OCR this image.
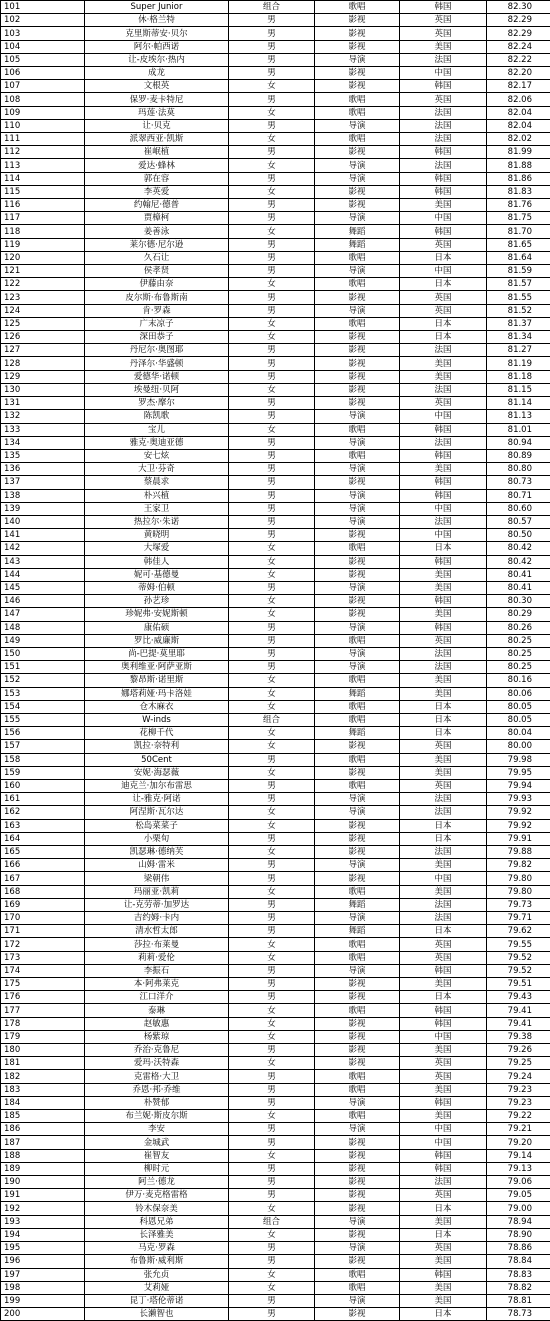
101	Super Junior	组合	歌唱	韩国	82.30
102	休·格兰特	男	影视	英国	82.29
103	克里斯蒂安·贝尔	男	影视	英国	82.29
104	阿尔·帕西诺	男	影视	美国	82.24
105	让-皮埃尔·热内	男	导演	法国	82.22
106	成龙	男	影视	中国	82.20
107	文根英	女	影视	韩国	82.17
108	保罗·麦卡特尼	男	歌唱	英国	82.06
109	玛莲·法莫	女	歌唱	法国	82.04
110	让·贝克	男	导演	法国	82.04
111	派翠西亚·凯斯	女	歌唱	法国	82.02
112	崔岷植	男	影视	韩国	81.99
113	爱达·蜂林	女	导演	法国	81.88
114	郭在容	男	导演	韩国	81.86
115	李英爱	女	影视	韩国	81.83
116	约翰尼·德普	男	影视	美国	81.76
117	贾樟柯	男	导演	中国	81.75
118	姜善泳	女	舞蹈	韩国	81.70
119	莱尔德·尼尔逊	男	舞蹈	英国	81.65
120	久石让	男	歌唱	日本	81.64
121	侯孝贤	男	导演	中国	81.59
122	伊藤由奈	女	歌唱	日本	81.57
123	皮尔斯·布鲁斯南	男	影视	英国	81.55
124	肯·罗森	男	导演	英国	81.52
125	广末凉子	女	歌唱	日本	81.37
126	深田恭子	女	影视	日本	81.34
127	丹尼尔·奥图耶	男	影视	法国	81.27
128	丹泽尔·华盛顿	男	影视	美国	81.19
129	爱德华·诺顿	男	影视	美国	81.18
130	埃曼纽·贝阿	女	影视	法国	81.15
131	罗杰·摩尔	男	影视	英国	81.14
132	陈凯歌	男	导演	中国	81.13
133	宝儿	女	歌唱	韩国	81.01
134	雅克·奥迪亚德	男	导演	法国	80.94
135	安七炫	男	歌唱	韩国	80.89
136	大卫·芬奇	男	导演	美国	80.80
137	蔡晨求	男	影视	韩国	80.73
138	朴兴植	男	导演	韩国	80.71
139	王家卫	男	导演	中国	80.60
140	热拉尔·朱诺	男	导演	法国	80.57
141	黄晓明	男	影视	中国	80.50
142	大塚爱	女	歌唱	日本	80.42
143	韩佳人	女	影视	韩国	80.42
144	妮可·基德曼	女	影视	美国	80.41
145	蒂姆·伯顿	男	导演	美国	80.41
146	孙艺珍	女	影视	韩国	80.30
147	珍妮弗·安妮斯顿	女	影视	美国	80.29
148	康佑硕	男	导演	韩国	80.26
149	罗比·威廉斯	男	歌唱	英国	80.25
150	尚-巴提·莫里耶	男	导演	法国	80.25
151	奥利维亚·阿萨亚斯	男	导演	法国	80.25
152	黎昂斯·诺里斯	女	歌唱	美国	80.16
153	娜塔莉娅·玛卡洛娃	女	舞蹈	美国	80.06
154	仓木麻衣	女	歌唱	日本	80.05
155	W-inds	组合	歌唱	日本	80.05
156	花柳千代	女	舞蹈	日本	80.04
157	凯拉·奈特利	女	影视	英国	80.00
158	50Cent	男	歌唱	美国	79.98
159	安妮·海瑟薇	女	影视	美国	79.95
160	迪克兰·加尔布雷思	男	歌唱	英国	79.94
161	让-雅克·阿诺	男	导演	法国	79.93
162	阿涅斯·瓦尔达	女	导演	法国	79.92
163	松岛菜菜子	女	影视	日本	79.92
164	小栗旬	男	影视	日本	79.91
165	凯瑟琳·德纳芙	女	影视	法国	79.88
166	山姆·雷米	男	导演	美国	79.82
167	梁朝伟	男	影视	中国	79.80
168	玛丽亚·凯莉	女	歌唱	美国	79.80
169	让-克劳蒂·加罗达	男	舞蹈	法国	79.73
170	吉约姆·卡内	男	导演	法国	79.71
171	清水哲太郎	男	舞蹈	日本	79.62
172	莎拉·布莱曼	女	歌唱	英国	79.55
173	莉莉·爱伦	女	歌唱	英国	79.52
174	李振石	男	导演	韩国	79.52
175	本·阿弗莱克	男	影视	美国	79.51
176	江口洋介	男	影视	日本	79.43
177	泰琳	女	歌唱	韩国	79.41
178	赵敏惠	女	影视	韩国	79.41
179	杨紫琼	女	影视	中国	79.38
180	乔治·克鲁尼	男	影视	美国	79.26
181	爱玛·沃特森	女	影视	英国	79.25
182	克雷格·大卫	男	歌唱	英国	79.24
183	乔恩·邦·乔维	男	歌唱	美国	79.23
184	朴赞郁	男	导演	韩国	79.23
185	布兰妮·斯皮尔斯	女	歌唱	美国	79.22
186	李安	男	导演	中国	79.21
187	金城武	男	影视	中国	79.20
188	崔智友	女	影视	韩国	79.14
189	柳时元	男	影视	韩国	79.13
190	阿兰·德龙	男	影视	法国	79.06
191	伊万·麦克格雷格	男	影视	英国	79.05
192	铃木保奈美	女	影视	日本	79.00
193	科恩兄弟	组合	导演	美国	78.94
194	长泽雅美	女	影视	日本	78.90
195	马克·罗森	男	导演	英国	78.86
196	布鲁斯·威利斯	男	影视	美国	78.84
197	张允贞	女	歌唱	韩国	78.83
198	艾莉娅	女	歌唱	美国	78.82
199	昆丁·塔伦蒂诺	男	导演	美国	78.81
200	长濑智也	男	影视	日本	78.73
